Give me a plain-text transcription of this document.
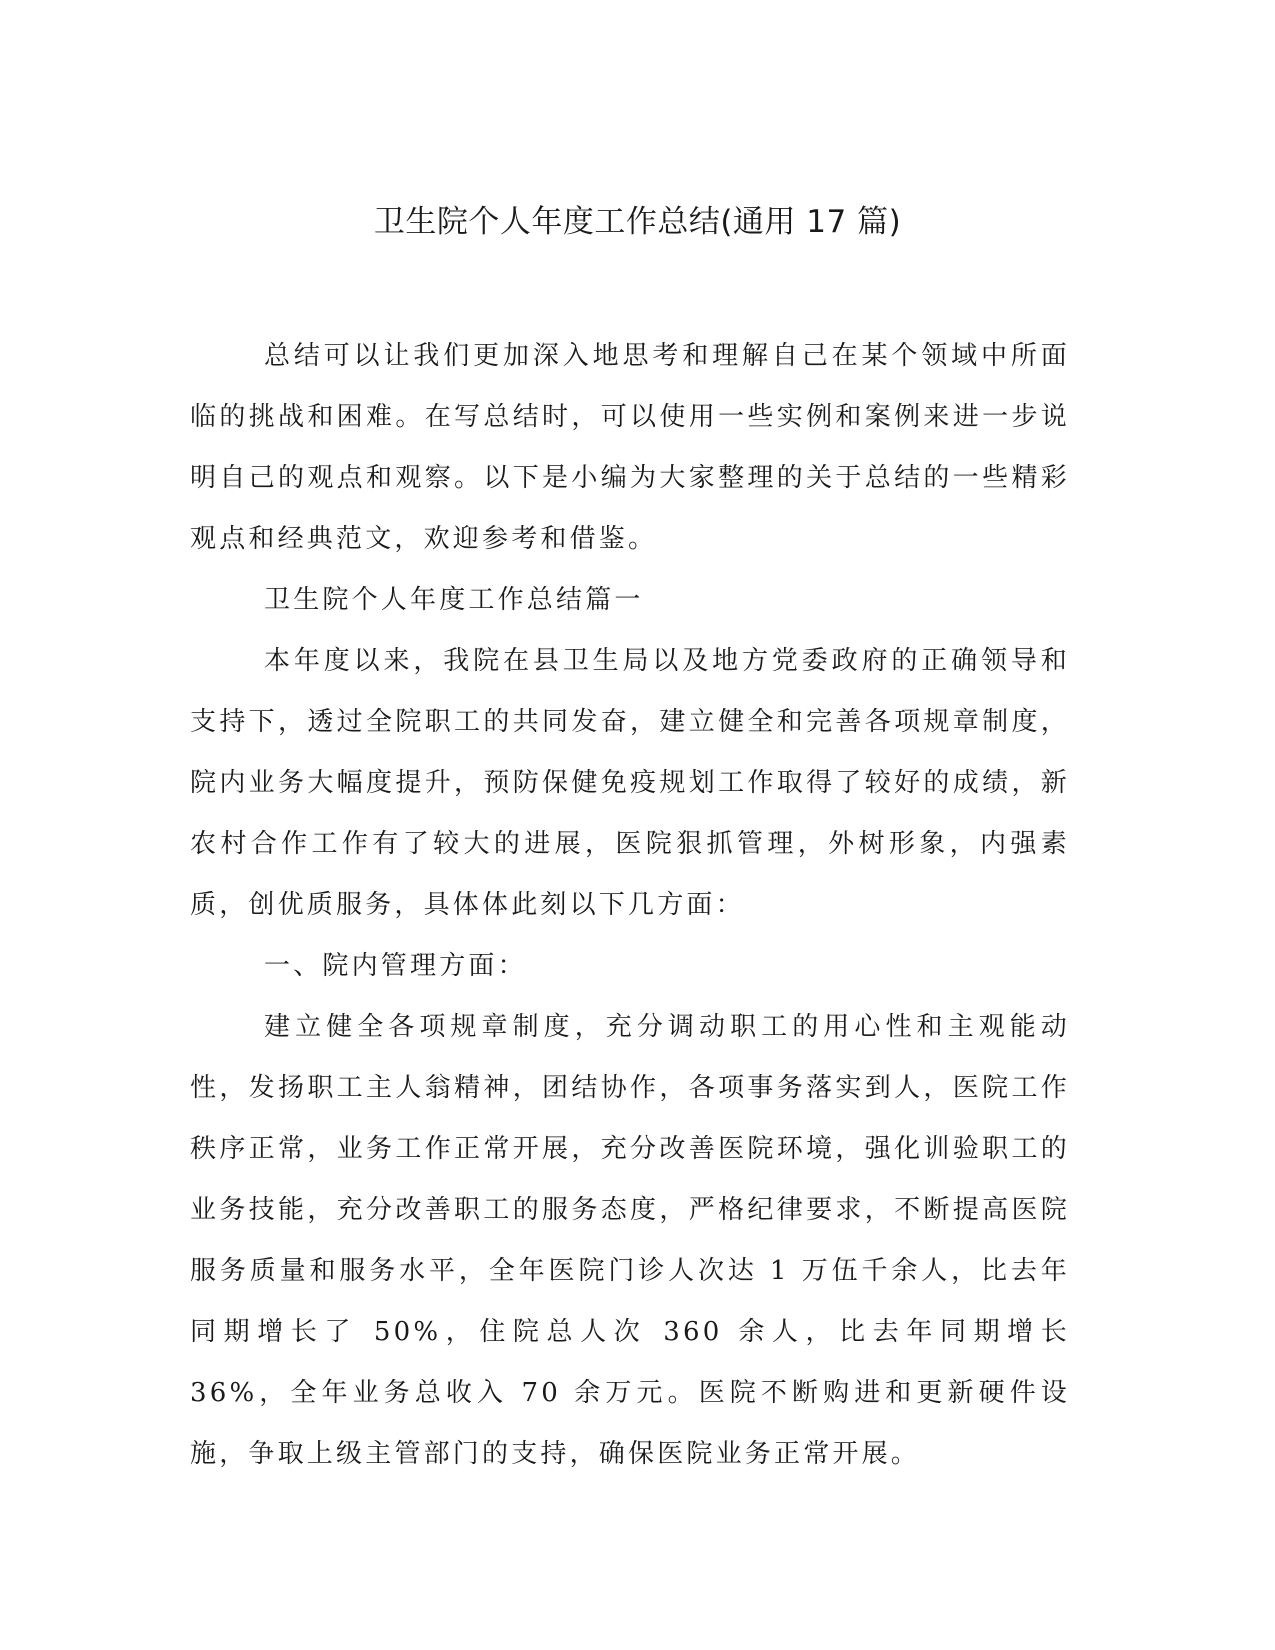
卫生院个人年度工作总结(通用 17 篇)

总结可以让我们更加深入地思考和理解自己在某个领域中所面临的挑战和困难。在写总结时，可以使用一些实例和案例来进一步说明自己的观点和观察。以下是小编为大家整理的关于总结的一些精彩观点和经典范文，欢迎参考和借鉴。

卫生院个人年度工作总结篇一

本年度以来，我院在县卫生局以及地方党委政府的正确领导和支持下，透过全院职工的共同发奋，建立健全和完善各项规章制度，院内业务大幅度提升，预防保健免疫规划工作取得了较好的成绩，新农村合作工作有了较大的进展，医院狠抓管理，外树形象，内强素质，创优质服务，具体体此刻以下几方面：

一、院内管理方面：

建立健全各项规章制度，充分调动职工的用心性和主观能动性，发扬职工主人翁精神，团结协作，各项事务落实到人，医院工作秩序正常，业务工作正常开展，充分改善医院环境，强化训验职工的业务技能，充分改善职工的服务态度，严格纪律要求，不断提高医院服务质量和服务水平，全年医院门诊人次达 1 万伍千余人，比去年同期增长了 50%，住院总人次 360 余人，比去年同期增长 36%，全年业务总收入 70 余万元。医院不断购进和更新硬件设施，争取上级主管部门的支持，确保医院业务正常开展。
